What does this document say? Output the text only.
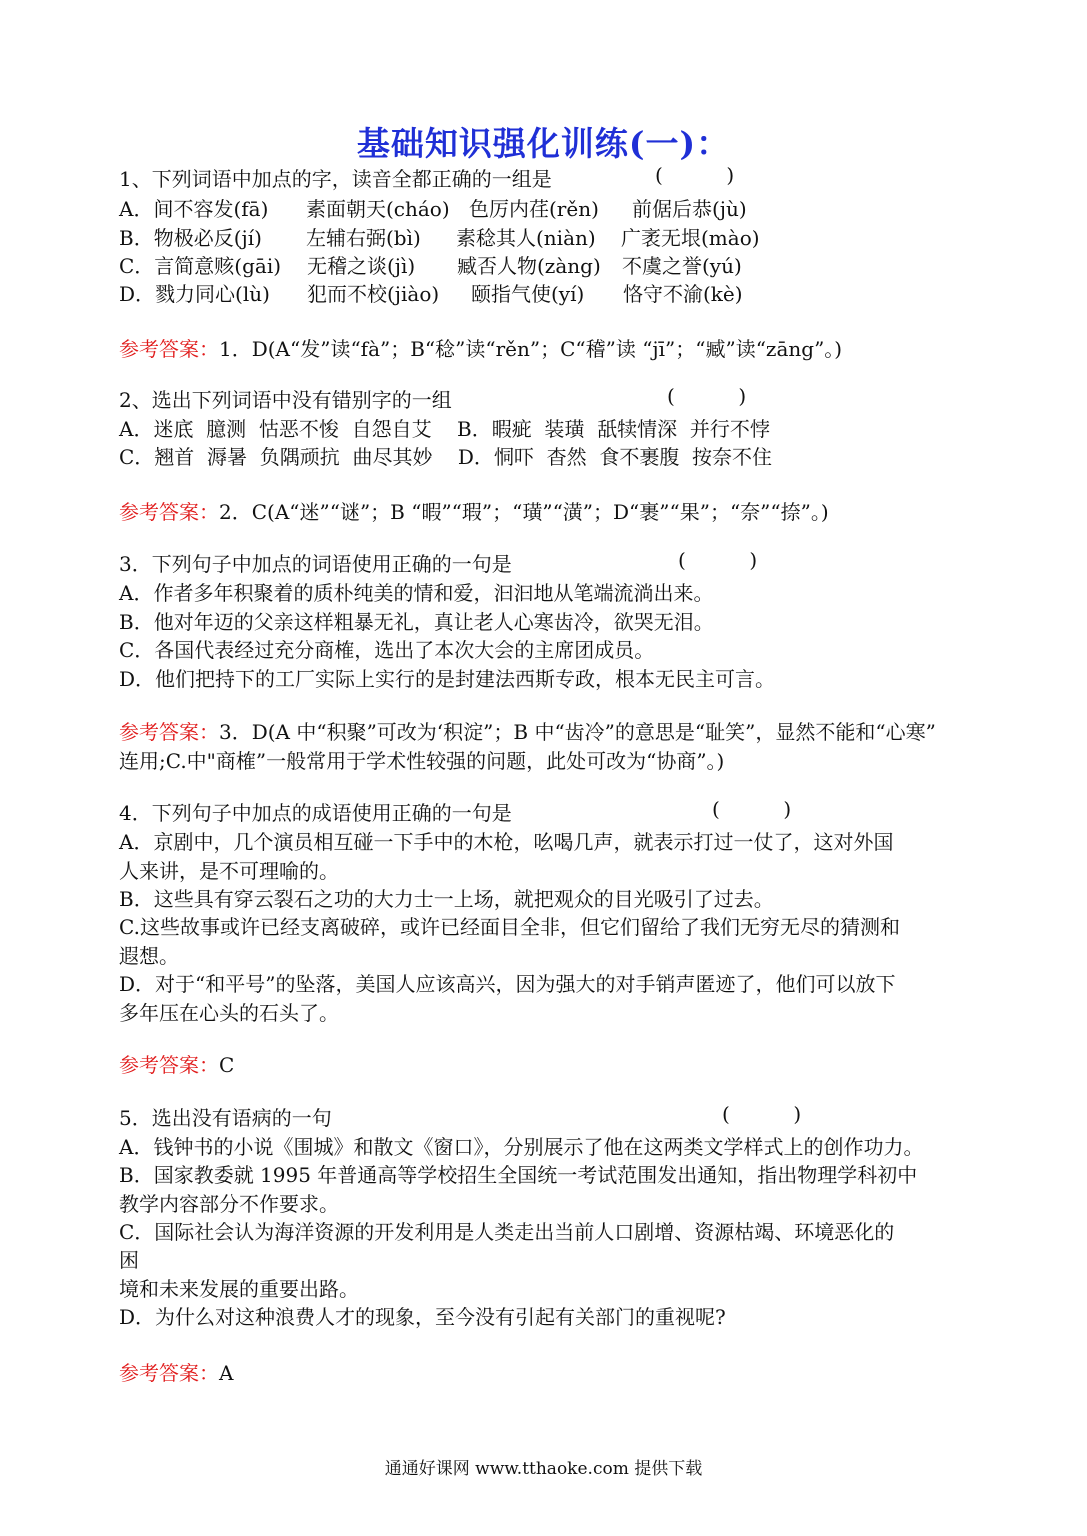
基础知识强化训练(一)：
1、下列词语中加点的字，读音全都正确的一组是	(          )
A．间不容发(fā) 素面朝天(cháo) 色厉内荏(rěn) 前倨后恭(jù)
B．物极必反(jí) 左辅右弼(bì) 素稔其人(niàn) 广袤无垠(mào)
C．言简意赅(gāi) 无稽之谈(jì) 臧否人物(zàng) 不虞之誉(yú)
D．戮力同心(lù) 犯而不校(jiào) 颐指气使(yí) 恪守不渝(kè)
参考答案：1．D(A“发”读“fà”；B“稔”读“rěn”；C“稽”读 “jī”；“臧”读“zāng”。)
2、选出下列词语中没有错别字的一组	(          )
A．迷底  臆测  怙恶不悛  自怨自艾    B．暇疵  装璜  舐犊情深  并行不悖
C．翘首  溽暑  负隅顽抗  曲尽其妙    D．恫吓  杳然  食不裹腹  按奈不住
参考答案：2．C(A“迷”“谜”；B “暇”“瑕”；“璜”“潢”；D“裹”“果”；“奈”“捺”。)
3．下列句子中加点的词语使用正确的一句是	(          )
A．作者多年积聚着的质朴纯美的情和爱，汩汩地从笔端流淌出来。
B．他对年迈的父亲这样粗暴无礼，真让老人心寒齿冷，欲哭无泪。
C．各国代表经过充分商榷，选出了本次大会的主席团成员。
D．他们把持下的工厂实际上实行的是封建法西斯专政，根本无民主可言。
参考答案：3．D(A 中“积聚”可改为‘积淀”；B 中“齿冷”的意思是“耻笑”，显然不能和“心寒”
连用;C.中"商榷”一般常用于学术性较强的问题，此处可改为“协商”。)
4．下列句子中加点的成语使用正确的一句是	(          )
A．京剧中，几个演员相互碰一下手中的木枪，吆喝几声，就表示打过一仗了，这对外国
人来讲，是不可理喻的。
B．这些具有穿云裂石之功的大力士一上场，就把观众的目光吸引了过去。
C.这些故事或许已经支离破碎，或许已经面目全非，但它们留给了我们无穷无尽的猜测和
遐想。
D．对于“和平号”的坠落，美国人应该高兴，因为强大的对手销声匿迹了，他们可以放下
多年压在心头的石头了。
参考答案：C
5．选出没有语病的一句	(          )
A．钱钟书的小说《围城》和散文《窗口》，分别展示了他在这两类文学样式上的创作功力。
B．国家教委就 1995 年普通高等学校招生全国统一考试范围发出通知，指出物理学科初中
教学内容部分不作要求。
C．国际社会认为海洋资源的开发利用是人类走出当前人口剧增、资源枯竭、环境恶化的
困
境和未来发展的重要出路。
D．为什么对这种浪费人才的现象，至今没有引起有关部门的重视呢?
参考答案：A
通通好课网 www.tthaoke.com 提供下载
